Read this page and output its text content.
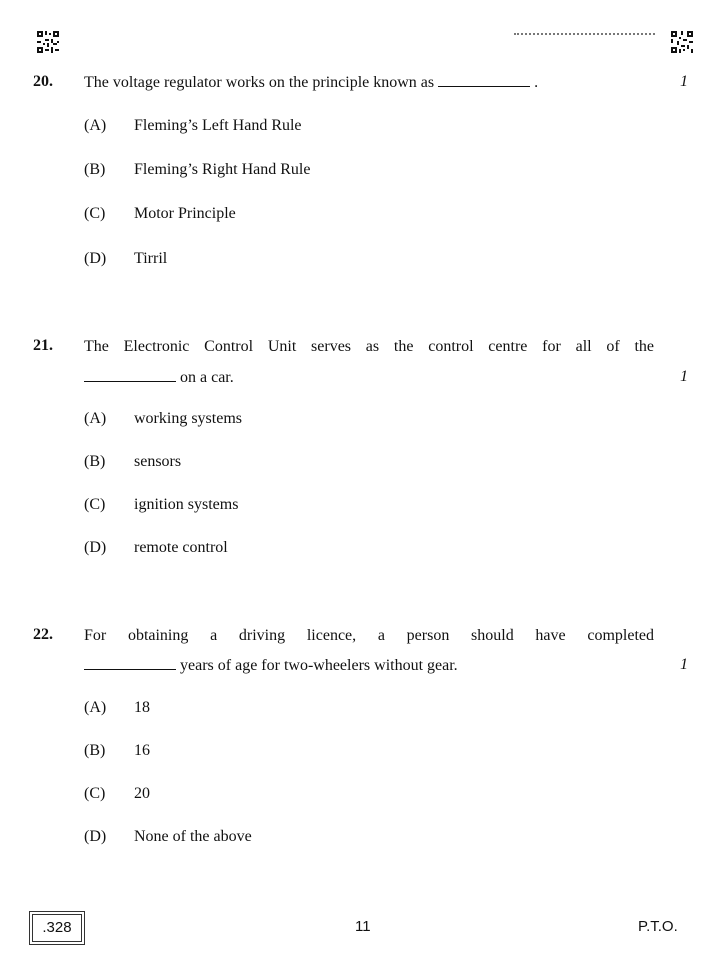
20. The voltage regulator works on the principle known as	.	1
(A) Fleming’s Left Hand Rule
(B) Fleming’s Right Hand Rule
(C) Motor Principle
(D) Tirril
21. The Electronic Control Unit serves as the control centre for all of the
on a car.	1
(A) working systems
(B) sensors
(C) ignition systems
(D) remote control
22. For obtaining a driving licence, a person should have completed
years of age for two-wheelers without gear.	1
(A) 18
(B) 16
(C) 20
(D) None of the above
.328	11	P.T.O.
